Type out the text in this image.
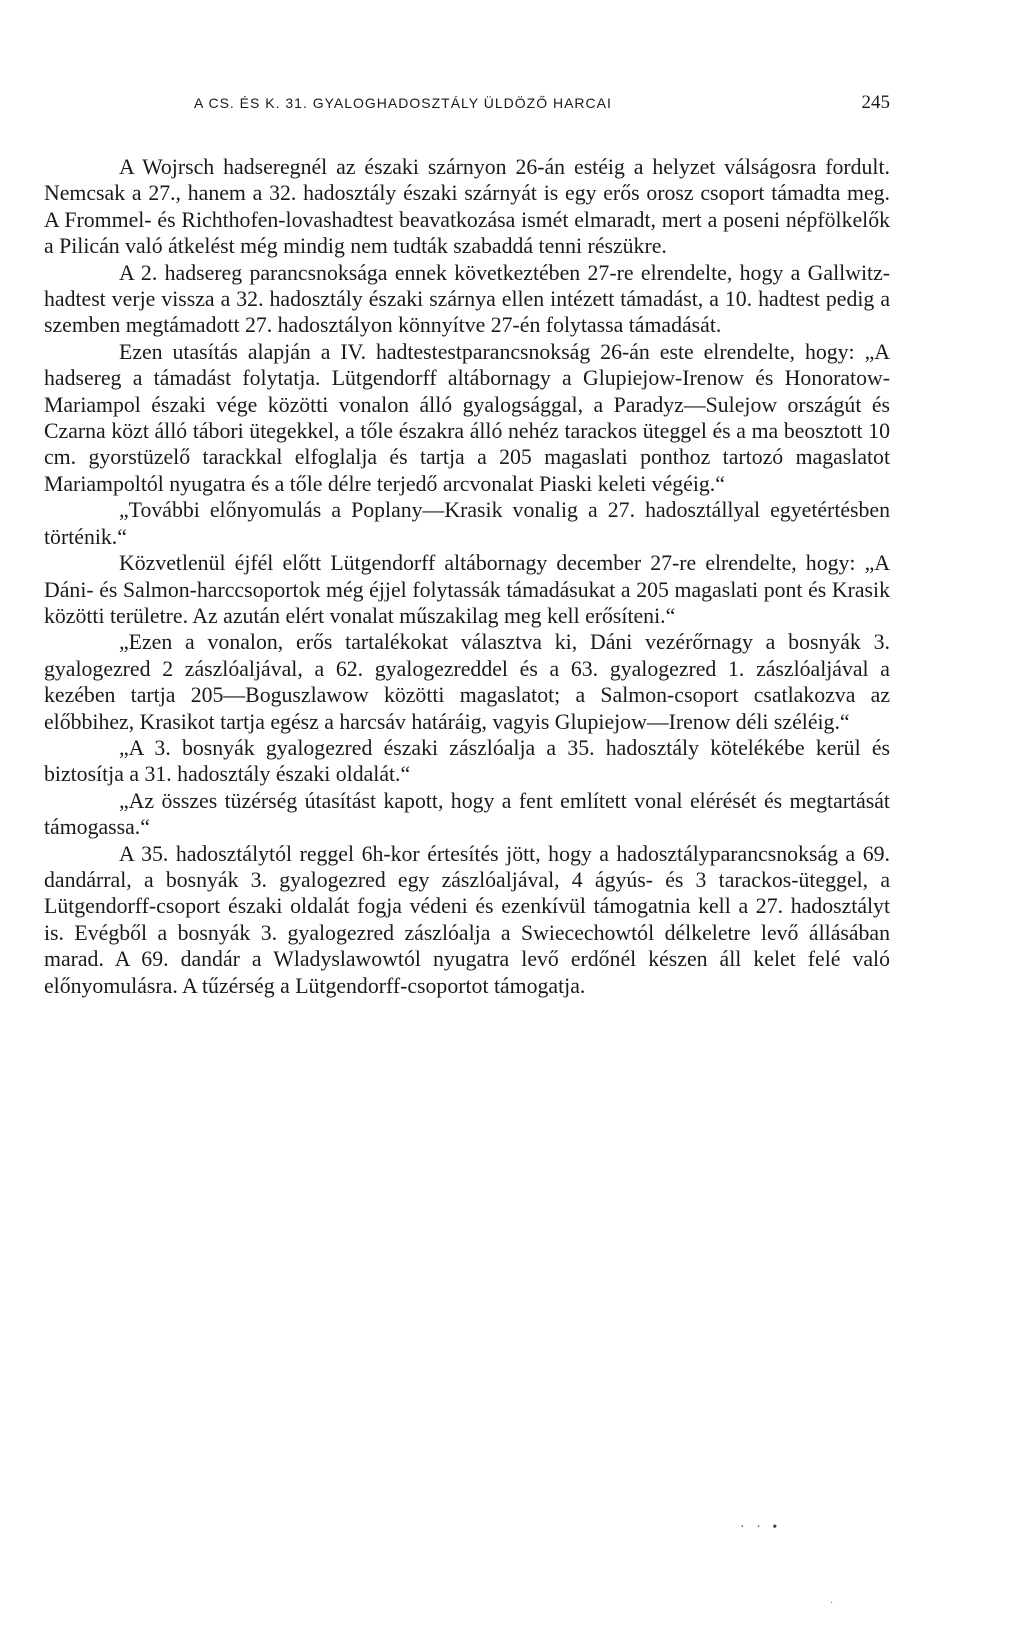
A CS. ÉS K. 31. GYALOGHADOSZTÁLY ÜLDÖZŐ HARCAI	245

A Wojrsch hadseregnél az északi szárnyon 26-án estéig a helyzet válságosra fordult. Nemcsak a 27., hanem a 32. hadosztály északi szárnyát is egy erős orosz csoport támadta meg. A Frommel- és Richthofen-lovashadtest beavatkozása ismét elmaradt, mert a poseni népfölkelők a Pilicán való átkelést még mindig nem tudták szabaddá tenni részükre.

A 2. hadsereg parancsnoksága ennek következtében 27-re elrendelte, hogy a Gallwitz-hadtest verje vissza a 32. hadosztály északi szárnya ellen intézett támadást, a 10. hadtest pedig a szemben megtámadott 27. hadosztályon könnyítve 27-én folytassa támadását.

Ezen utasítás alapján a IV. hadtestestparancsnokság 26-án este elrendelte, hogy: „A hadsereg a támadást folytatja. Lütgendorff altábornagy a Glupiejow-Irenow és Honoratow-Mariampol északi vége közötti vonalon álló gyalogsággal, a Paradyz—Sulejow országút és Czarna közt álló tábori ütegekkel, a tőle északra álló nehéz tarackos üteggel és a ma beosztott 10 cm. gyorstüzelő tarackkal elfoglalja és tartja a 205 magaslati ponthoz tartozó magaslatot Mariampoltól nyugatra és a tőle délre terjedő arcvonalat Piaski keleti végéig.“

„További előnyomulás a Poplany—Krasik vonalig a 27. hadosztállyal egyetértésben történik.“

Közvetlenül éjfél előtt Lütgendorff altábornagy december 27-re elrendelte, hogy: „A Dáni- és Salmon-harccsoportok még éjjel folytassák támadásukat a 205 magaslati pont és Krasik közötti területre. Az azután elért vonalat műszakilag meg kell erősíteni.“

„Ezen a vonalon, erős tartalékokat választva ki, Dáni vezérőrnagy a bosnyák 3. gyalogezred 2 zászlóaljával, a 62. gyalogezreddel és a 63. gyalogezred 1. zászlóaljával a kezében tartja 205—Boguszlawow közötti magaslatot; a Salmon-csoport csatlakozva az előbbihez, Krasikot tartja egész a harcsáv határáig, vagyis Glupiejow—Irenow déli széléig.“

„A 3. bosnyák gyalogezred északi zászlóalja a 35. hadosztály kötelékébe kerül és biztosítja a 31. hadosztály északi oldalát.“

„Az összes tüzérség útasítást kapott, hogy a fent említett vonal elérését és megtartását támogassa.“

A 35. hadosztálytól reggel 6h-kor értesítés jött, hogy a hadosztályparancsnokság a 69. dandárral, a bosnyák 3. gyalogezred egy zászlóaljával, 4 ágyús- és 3 tarackos-üteggel, a Lütgendorff-csoport északi oldalát fogja védeni és ezenkívül támogatnia kell a 27. hadosztályt is. Evégből a bosnyák 3. gyalogezred zászlóalja a Swiecechowtól délkeletre levő állásában marad. A 69. dandár a Wladyslawowtól nyugatra levő erdőnél készen áll kelet felé való előnyomulásra. A tűzérség a Lütgendorff-csoportot támogatja.

· · •
·
